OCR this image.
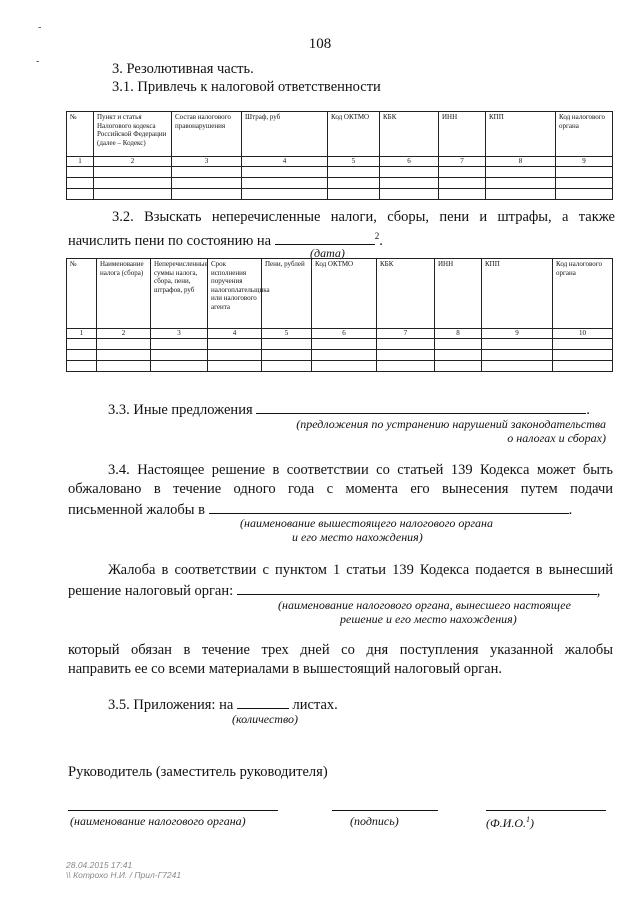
-
-
108
3. Резолютивная часть.
3.1. Привлечь к налоговой ответственности
№	Пункт и статья Налогового кодекса Российской Федерации (далее – Кодекс)	Состав налогового правонарушения	Штраф, руб	Код ОКТМО	КБК	ИНН	КПП	Код налогового органа
1	2	3	4	5	6	7	8	9

3.2. Взыскать неперечисленные налоги, сборы, пени и штрафы, а также
начислить пени по состоянию на	$^2$.
(дата)
№	Наименование налога (сбора)	Неперечисленные суммы налога, сбора, пени, штрафов, руб	Срок исполнения поручения налогоплательщика или налогового агента	Пени, рублей	Код ОКТМО	КБК	ИНН	КПП	Код налогового органа
1	2	3	4	5	6	7	8	9	10

3.3. Иные предложения	.
(предложения по устранению нарушений законодательства
о налогах и сборах)
3.4. Настоящее решение в соответствии со статьей 139 Кодекса может быть
обжаловано в течение одного года с момента его вынесения путем подачи
письменной жалобы в	.
(наименование вышестоящего налогового органа
и его место нахождения)
Жалоба в соответствии с пунктом 1 статьи 139 Кодекса подается в вынесший
решение налоговый орган:	,
(наименование налогового органа, вынесшего настоящее
решение и его место нахождения)
который обязан в течение трех дней со дня поступления указанной жалобы
направить ее со всеми материалами в вышестоящий налоговый орган.
3.5. Приложения: на	листах.
(количество)
Руководитель (заместитель руководителя)
(наименование налогового органа)	(подпись)	(Ф.И.О.$^1$)
28.04.2015 17:41
\\ Котрохо Н.И. / Прил-Г7241
